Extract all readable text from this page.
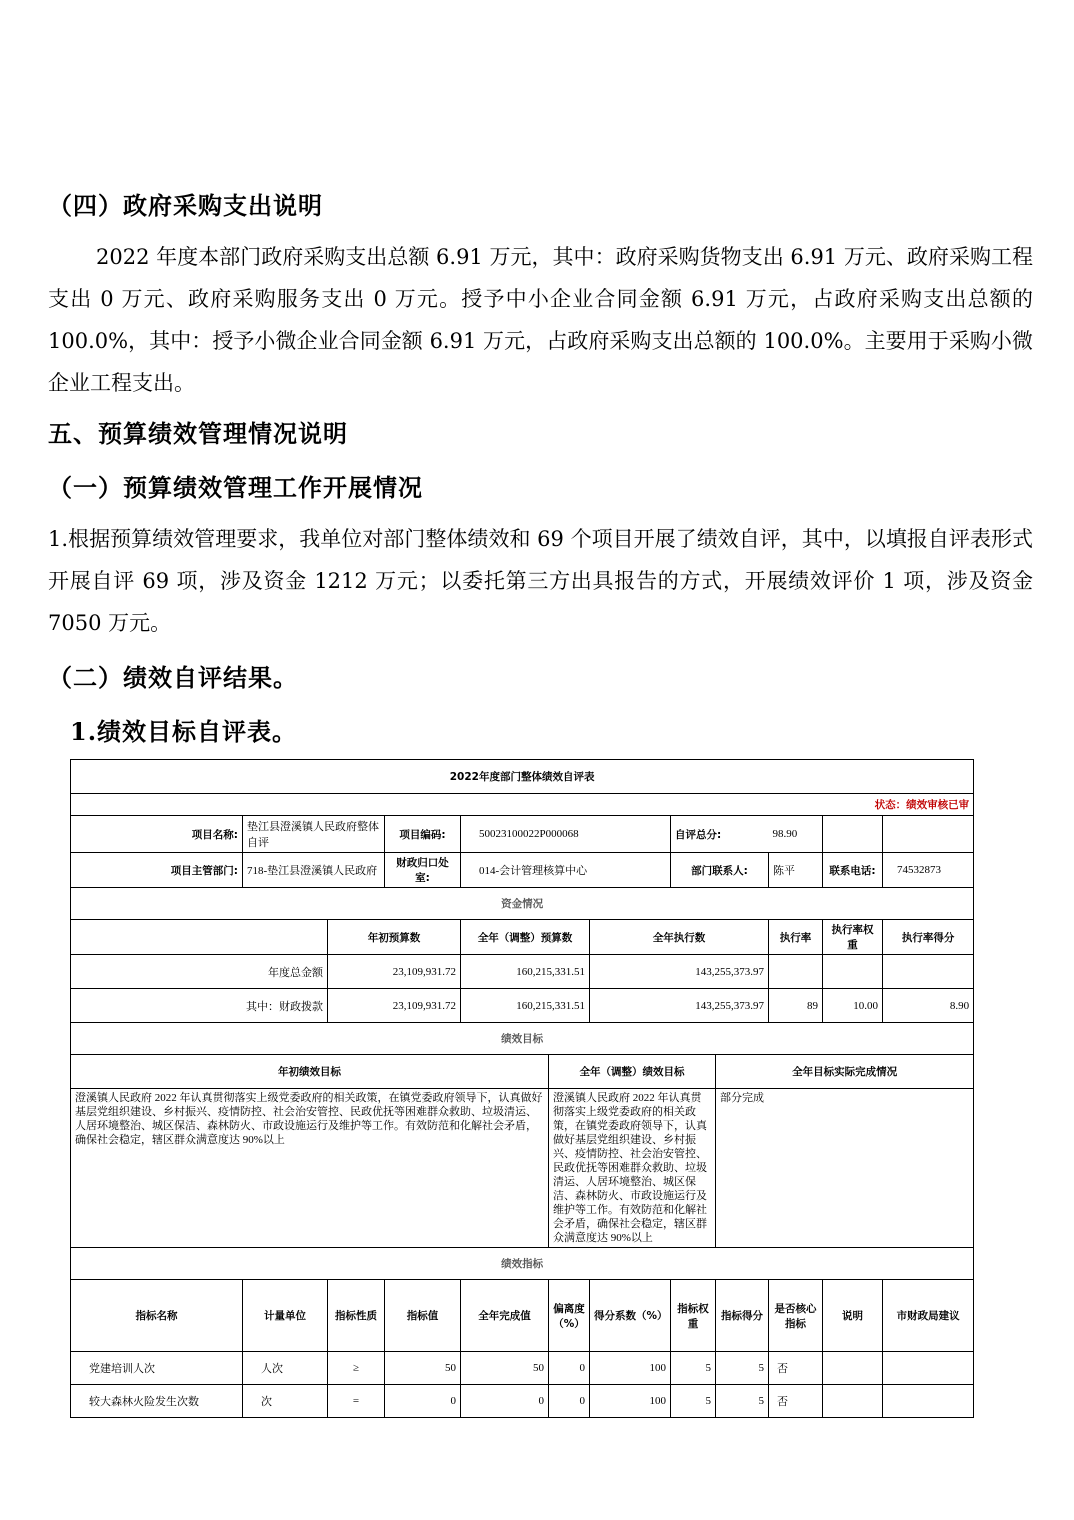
（四）政府采购支出说明
2022 年度本部门政府采购支出总额 6.91 万元，其中：政府采购货物支出 6.91 万元、政府采购工程支出 0 万元、政府采购服务支出 0 万元。授予中小企业合同金额 6.91 万元，占政府采购支出总额的 100.0%，其中：授予小微企业合同金额 6.91 万元，占政府采购支出总额的 100.0%。主要用于采购小微企业工程支出。
五、预算绩效管理情况说明
（一）预算绩效管理工作开展情况
1.根据预算绩效管理要求，我单位对部门整体绩效和 69 个项目开展了绩效自评，其中，以填报自评表形式开展自评 69 项，涉及资金 1212 万元；以委托第三方出具报告的方式，开展绩效评价 1 项，涉及资金 7050 万元。
（二）绩效自评结果。
1.绩效目标自评表。
2022年度部门整体绩效自评表											
状态：绩效审核已审											
项目名称:	垫江县澄溪镇人民政府整体自评		项目编码:	50023100022P000068			自评总分:		98.90		
项目主管部门:	718-垫江县澄溪镇人民政府		财政归口处室:	014-会计管理核算中心			部门联系人:		陈平	联系电话:	74532873
资金情况											
		年初预算数		全年（调整）预算数		全年执行数			执行率	执行率权重	执行率得分
年度总金额		23,109,931.72		160,215,331.51		143,255,373.97					
其中：财政拨款		23,109,931.72		160,215,331.51		143,255,373.97			89	10.00	8.90
绩效目标											
年初绩效目标					全年（调整）绩效目标			全年目标实际完成情况			
澄溪镇人民政府 2022 年认真贯彻落实上级党委政府的相关政策，在镇党委政府领导下，认真做好基层党组织建设、乡村振兴、疫情防控、社会治安管控、民政优抚等困难群众救助、垃圾清运、人居环境整治、城区保洁、森林防火、市政设施运行及维护等工作。有效防范和化解社会矛盾，确保社会稳定，辖区群众满意度达 90%以上					澄溪镇人民政府 2022 年认真贯彻落实上级党委政府的相关政策，在镇党委政府领导下，认真做好基层党组织建设、乡村振兴、疫情防控、社会治安管控、民政优抚等困难群众救助、垃圾清运、人居环境整治、城区保洁、森林防火、市政设施运行及维护等工作。有效防范和化解社会矛盾，确保社会稳定，辖区群众满意度达 90%以上			部分完成			
绩效指标											
指标名称	计量单位	指标性质	指标值	全年完成值	偏离度（%）	得分系数（%）	指标权重	指标得分	是否核心指标	说明	市财政局建议
党建培训人次	人次	≥	50	50	0	100	5	5	否		
较大森林火险发生次数	次	=	0	0	0	100	5	5	否		
